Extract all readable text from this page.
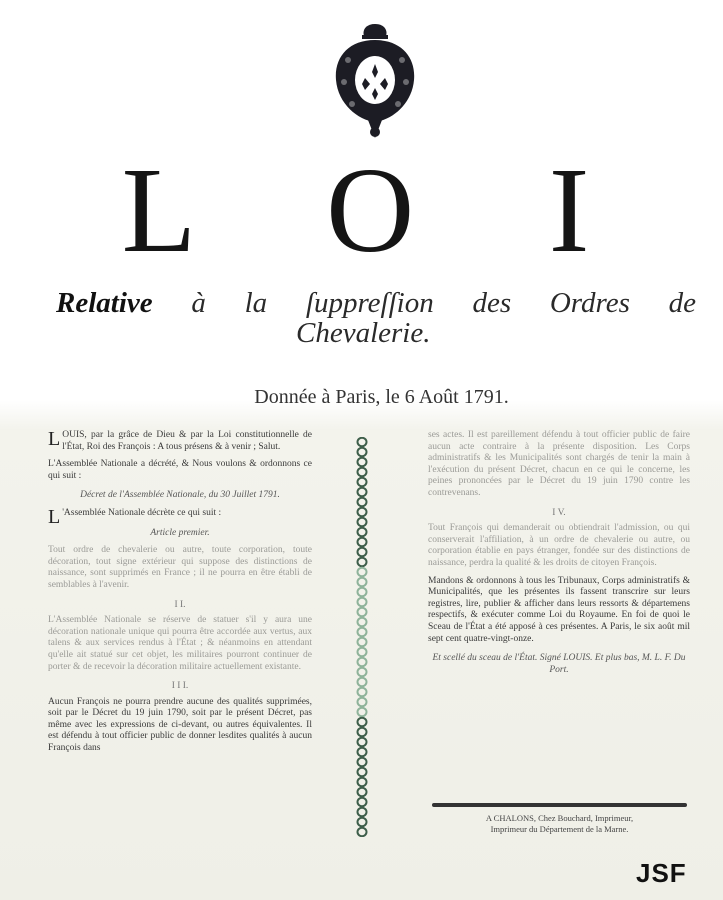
L O I
Relative à la ſuppreſſion des Ordres de
Chevalerie.
Donnée à Paris, le 6 Août 1791.

LOUIS, par la grâce de Dieu & par la Loi constitutionnelle de l'État, Roi des François : A tous présens & à venir ; Salut.

L'Assemblée Nationale a décrété, & Nous voulons & ordonnons ce qui suit :

Décret de l'Assemblée Nationale, du 30 Juillet 1791.

L 'Assemblée Nationale décrète ce qui suit :

Article premier.

Tout ordre de chevalerie ou autre, toute corporation, toute décoration, tout signe extérieur qui suppose des distinctions de naissance, sont supprimés en France ; il ne pourra en être établi de semblables à l'avenir.

I I.

L'Assemblée Nationale se réserve de statuer s'il y aura une décoration nationale unique qui pourra être accordée aux vertus, aux talens & aux services rendus à l'État ; & néanmoins en attendant qu'elle ait statué sur cet objet, les militaires pourront continuer de porter & de recevoir la décoration militaire actuellement existante.

I I I.

Aucun François ne pourra prendre aucune des qualités supprimées, soit par le Décret du 19 juin 1790, soit par le présent Décret, pas même avec les expressions de ci-devant, ou autres équivalentes. Il est défendu à tout officier public de donner lesdites qualités à aucun François dans

ses actes. Il est pareillement défendu à tout officier public de faire aucun acte contraire à la présente disposition. Les Corps administratifs & les Municipalités sont chargés de tenir la main à l'exécution du présent Décret, chacun en ce qui le concerne, les peines prononcées par le Décret du 19 juin 1790 contre les contrevenans.

I V.

Tout François qui demanderait ou obtiendrait l'admission, ou qui conserverait l'affiliation, à un ordre de chevalerie ou autre, ou corporation établie en pays étranger, fondée sur des distinctions de naissance, perdra la qualité & les droits de citoyen François.

Mandons & ordonnons à tous les Tribunaux, Corps administratifs & Municipalités, que les présentes ils fassent transcrire sur leurs registres, lire, publier & afficher dans leurs ressorts & départemens respectifs, & exécuter comme Loi du Royaume. En foi de quoi le Sceau de l'État a été apposé à ces présentes. A Paris, le six août mil sept cent quatre-vingt-onze.

Et scellé du sceau de l'État. Signé LOUIS. Et plus bas, M. L. F. Du Port.

A CHALONS, Chez Bouchard, Imprimeur,
Imprimeur du Département de la Marne.
JSF
